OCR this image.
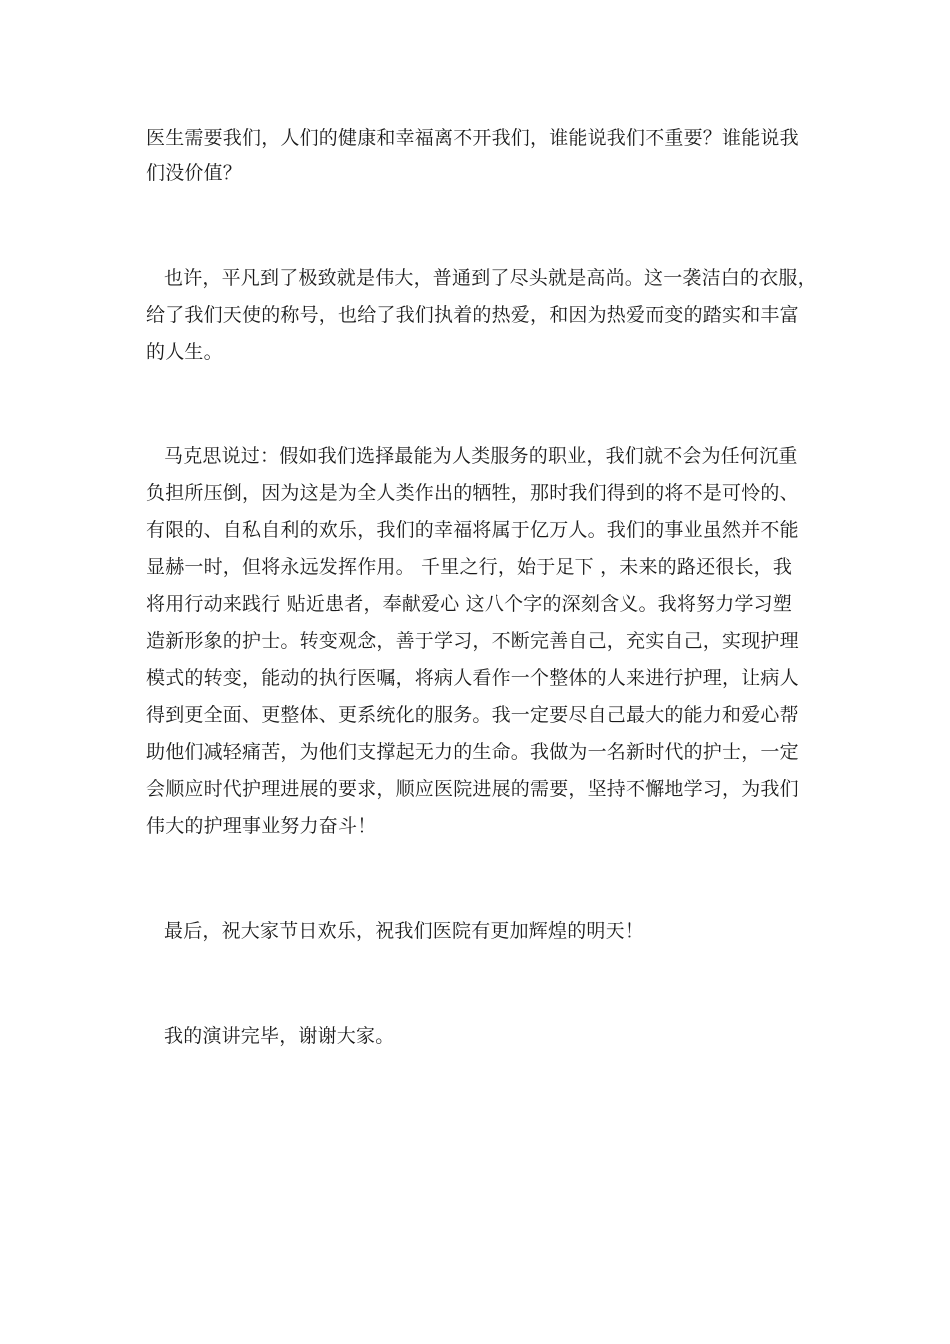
医生需要我们，人们的健康和幸福离不开我们，谁能说我们不重要？谁能说我
们没价值？
也许，平凡到了极致就是伟大，普通到了尽头就是高尚。这一袭洁白的衣服，
给了我们天使的称号，也给了我们执着的热爱，和因为热爱而变的踏实和丰富
的人生。
马克思说过：假如我们选择最能为人类服务的职业，我们就不会为任何沉重
负担所压倒，因为这是为全人类作出的牺牲，那时我们得到的将不是可怜的、
有限的、自私自利的欢乐，我们的幸福将属于亿万人。我们的事业虽然并不能
显赫一时，但将永远发挥作用。 千里之行，始于足下 ，未来的路还很长，我
将用行动来践行 贴近患者，奉献爱心 这八个字的深刻含义。我将努力学习塑
造新形象的护士。转变观念，善于学习，不断完善自己，充实自己，实现护理
模式的转变，能动的执行医嘱，将病人看作一个整体的人来进行护理，让病人
得到更全面、更整体、更系统化的服务。我一定要尽自己最大的能力和爱心帮
助他们减轻痛苦，为他们支撑起无力的生命。我做为一名新时代的护士，一定
会顺应时代护理进展的要求，顺应医院进展的需要，坚持不懈地学习，为我们
伟大的护理事业努力奋斗！
最后，祝大家节日欢乐，祝我们医院有更加辉煌的明天！
我的演讲完毕，谢谢大家。
